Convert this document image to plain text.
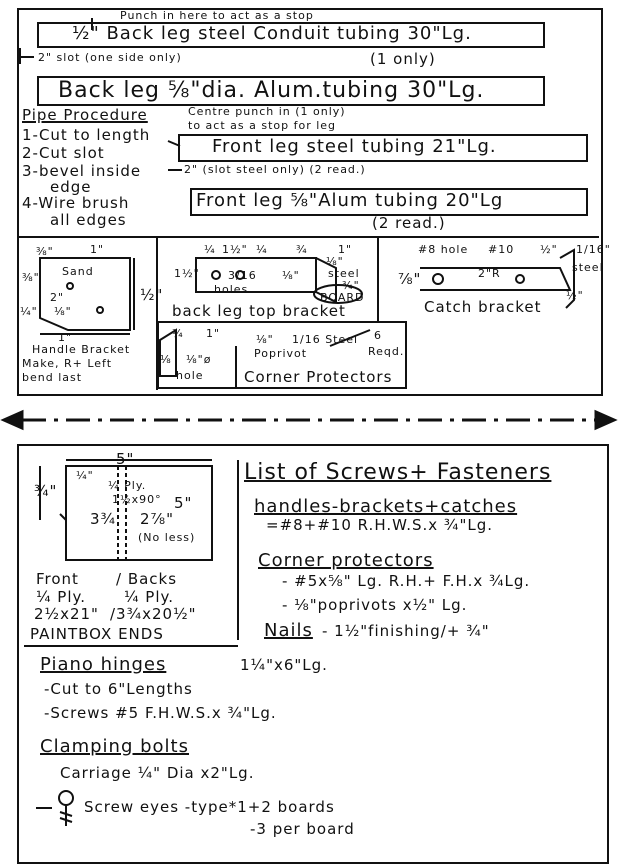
Punch in here to act as a stop
½" Back leg steel Conduit tubing 30"Lg.
2" slot (one side only)	(1 only)
Back leg ⅝"dia. Alum.tubing 30"Lg.
Pipe Procedure	Centre punch in (1 only)
to act as a stop for leg
1-Cut to length
2-Cut slot
3-bevel inside
edge
4-Wire brush
all edges
Front leg steel tubing 21"Lg.
2" (slot steel only) (2 read.)
Front leg ⅝"Alum tubing 20"Lg
(2 read.)
⅜"	1"
½"
⅜"
2"
¼" ⅛"
1"
Sand
Handle Bracket
Make, R+ Left
bend last
¼ 1½" ¼	¾	1"
1½"	3/16 ⅛"
⅛"
steel
¾"
holes
BOARD
back leg top bracket
#8 hole #10 ½" 1/16"
steel
⅞"	2"R
½"
Catch bracket
¼ 1"	⅛" 1/16 Steel 6
Reqd.
⅛ ⅛"ø
hole
Poprivot
Corner Protectors
5"
¾"
¼"
¼ Ply.
1½x90° 5"
3¾ 2⅞"
(No less)
Front / Backs
¼ Ply.	¼ Ply.
2½x21" /3¾x20½"
PAINTBOX ENDS
List of Screws+ Fasteners
handles-brackets+catches
=#8+#10 R.H.W.S.x ¾"Lg.
Corner protectors
- #5x⅝" Lg. R.H.+ F.H.x ¾Lg.
- ⅛"poprivots x½" Lg.
Nails - 1½"finishing/+ ¾"
Piano hinges	1¼"x6"Lg.
-Cut to 6"Lengths
-Screws #5 F.H.W.S.x ¾"Lg.
Clamping bolts
Carriage ¼" Dia x2"Lg.
Screw eyes -type*1+2 boards
-3 per board
